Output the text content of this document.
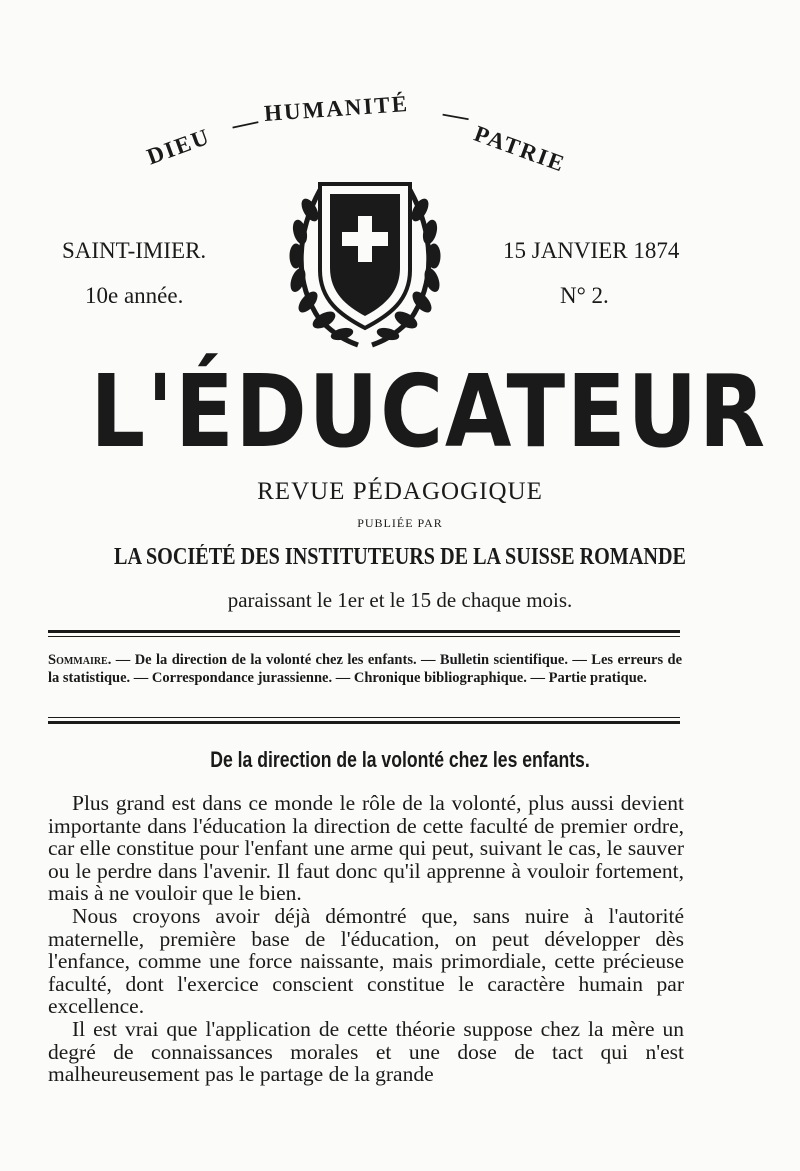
DIEU
— HUMANITÉ —
PATRIE
SAINT-IMIER.	15 JANVIER 1874
10e année.	N° 2.
L'ÉDUCATEUR
REVUE PÉDAGOGIQUE
PUBLIÉE PAR
LA SOCIÉTÉ DES INSTITUTEURS DE LA SUISSE ROMANDE
paraissant le 1er et le 15 de chaque mois.
Sommaire. — De la direction de la volonté chez les enfants. — Bulletin scientifique. — Les erreurs de la statistique. — Correspondance jurassienne. — Chronique bibliographique. — Partie pratique.
De la direction de la volonté chez les enfants.

Plus grand est dans ce monde le rôle de la volonté, plus aussi devient importante dans l'éducation la direction de cette faculté de premier ordre, car elle constitue pour l'enfant une arme qui peut, suivant le cas, le sauver ou le perdre dans l'avenir. Il faut donc qu'il apprenne à vouloir fortement, mais à ne vouloir que le bien.

Nous croyons avoir déjà démontré que, sans nuire à l'autorité maternelle, première base de l'éducation, on peut développer dès l'enfance, comme une force naissante, mais primordiale, cette précieuse faculté, dont l'exercice conscient constitue le caractère humain par excellence.

Il est vrai que l'application de cette théorie suppose chez la mère un degré de connaissances morales et une dose de tact qui n'est malheureusement pas le partage de la grande
